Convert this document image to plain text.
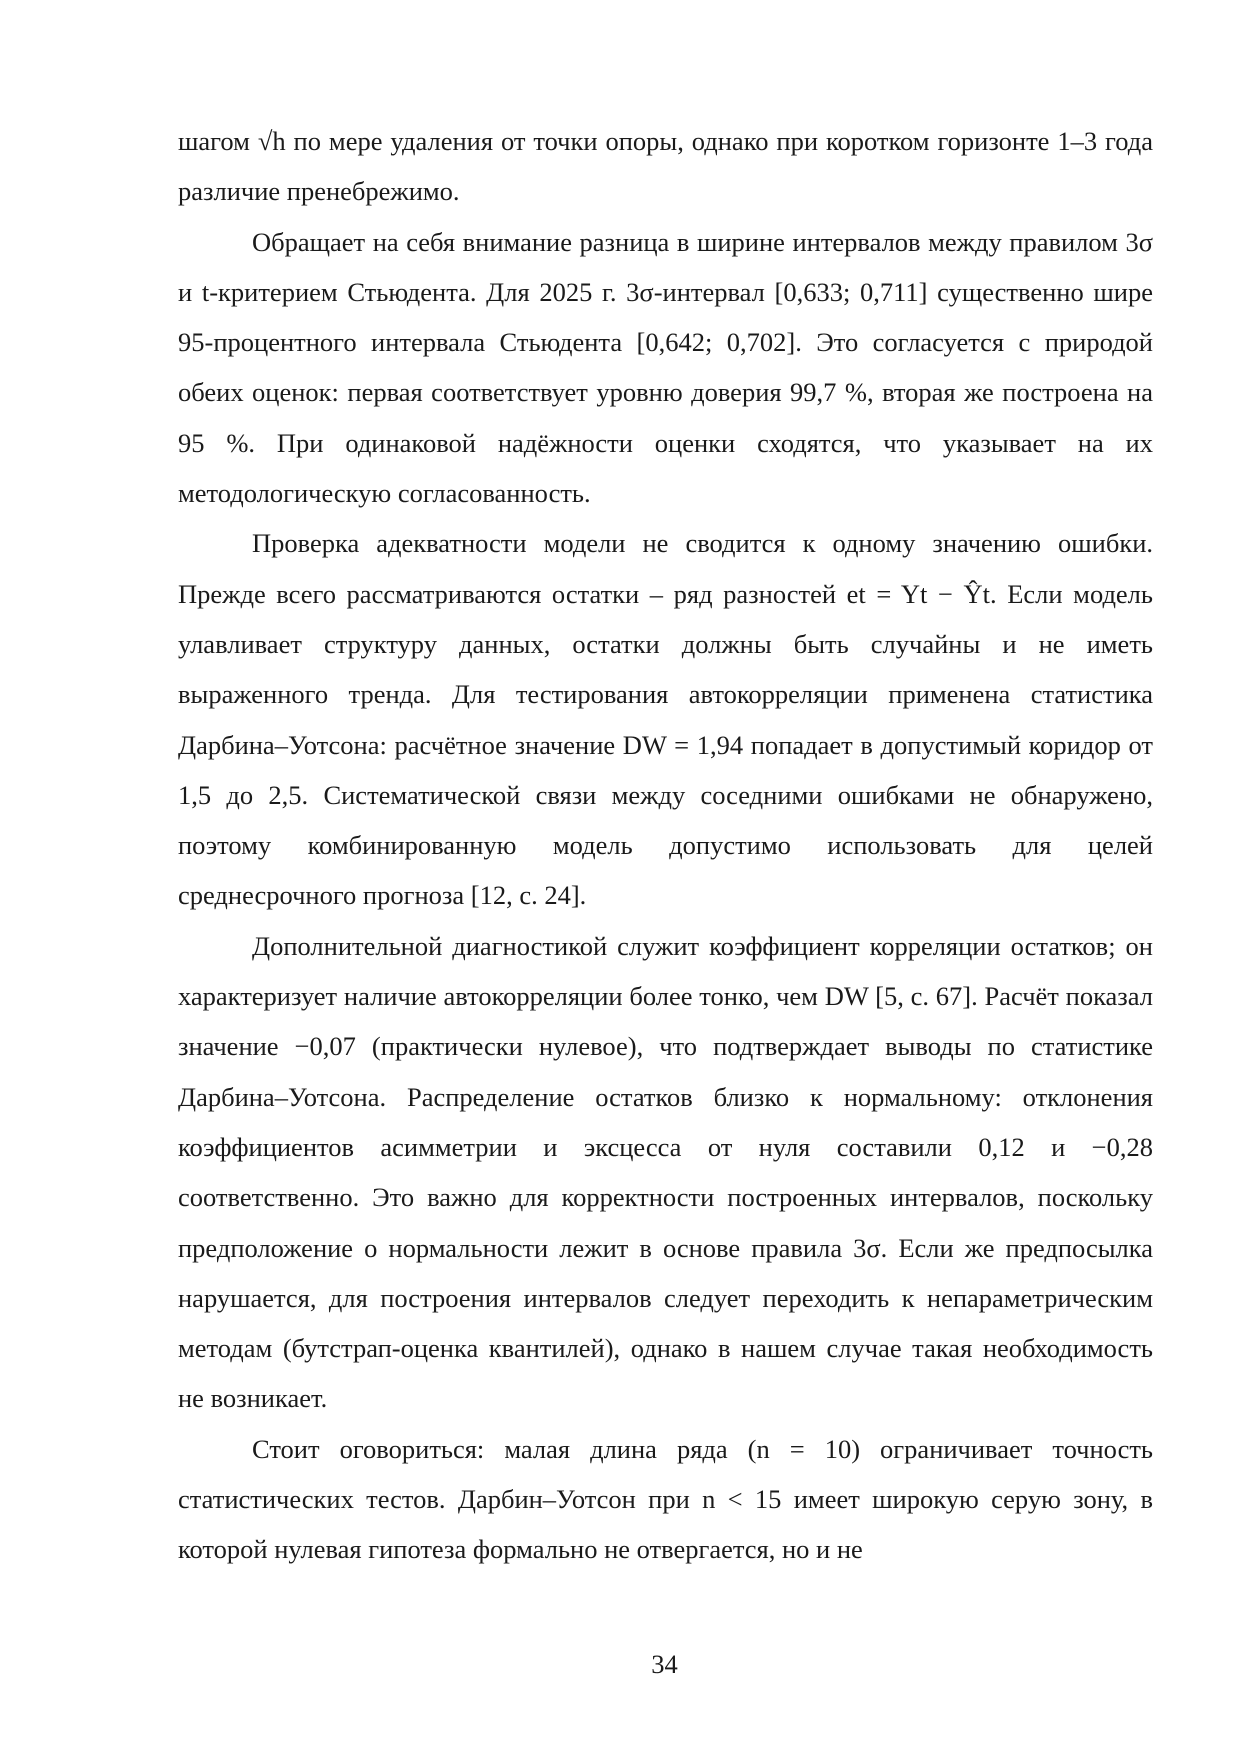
шагом √h по мере удаления от точки опоры, однако при коротком горизонте 1–3 года различие пренебрежимо.

Обращает на себя внимание разница в ширине интервалов между правилом 3σ и t-критерием Стьюдента. Для 2025 г. 3σ-интервал [0,633; 0,711] существенно шире 95-процентного интервала Стьюдента [0,642; 0,702]. Это согласуется с природой обеих оценок: первая соответствует уровню доверия 99,7 %, вторая же построена на 95 %. При одинаковой надёжности оценки сходятся, что указывает на их методологическую согласованность.

Проверка адекватности модели не сводится к одному значению ошибки. Прежде всего рассматриваются остатки – ряд разностей et = Yt − Ŷt. Если модель улавливает структуру данных, остатки должны быть случайны и не иметь выраженного тренда. Для тестирования автокорреляции применена статистика Дарбина–Уотсона: расчётное значение DW = 1,94 попадает в допустимый коридор от 1,5 до 2,5. Систематической связи между соседними ошибками не обнаружено, поэтому комбинированную модель допустимо использовать для целей среднесрочного прогноза [12, с. 24].

Дополнительной диагностикой служит коэффициент корреляции остатков; он характеризует наличие автокорреляции более тонко, чем DW [5, с. 67]. Расчёт показал значение −0,07 (практически нулевое), что подтверждает выводы по статистике Дарбина–Уотсона. Распределение остатков близко к нормальному: отклонения коэффициентов асимметрии и эксцесса от нуля составили 0,12 и −0,28 соответственно. Это важно для корректности построенных интервалов, поскольку предположение о нормальности лежит в основе правила 3σ. Если же предпосылка нарушается, для построения интервалов следует переходить к непараметрическим методам (бутстрап-оценка квантилей), однако в нашем случае такая необходимость не возникает.

Стоит оговориться: малая длина ряда (n = 10) ограничивает точность статистических тестов. Дарбин–Уотсон при n < 15 имеет широкую серую зону, в которой нулевая гипотеза формально не отвергается, но и не

34
